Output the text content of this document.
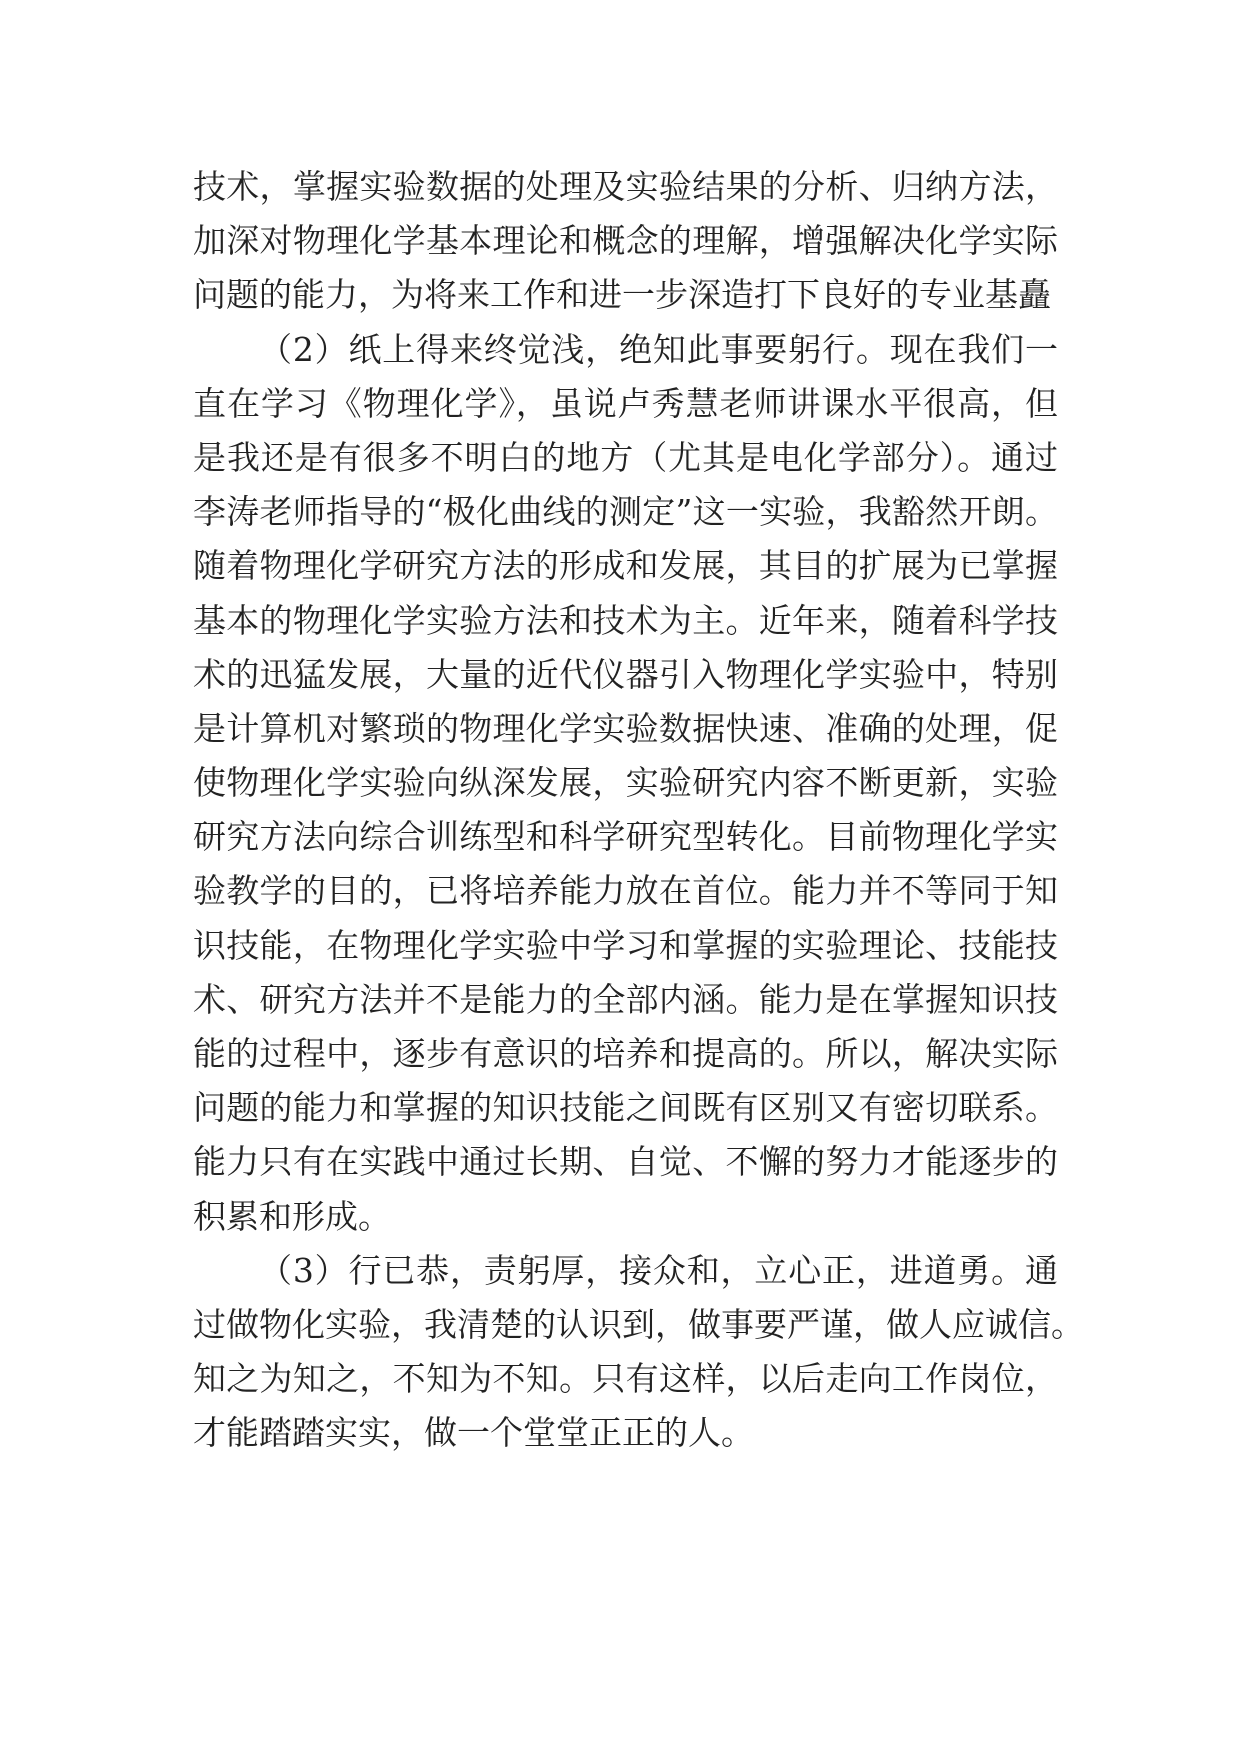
技术，掌握实验数据的处理及实验结果的分析、归纳方法，
加深对物理化学基本理论和概念的理解，增强解决化学实际
问题的能力，为将来工作和进一步深造打下良好的专业基矗
（2）纸上得来终觉浅，绝知此事要躬行。现在我们一
直在学习《物理化学》，虽说卢秀慧老师讲课水平很高，但
是我还是有很多不明白的地方（尤其是电化学部分）。通过
李涛老师指导的“极化曲线的测定”这一实验，我豁然开朗。
随着物理化学研究方法的形成和发展，其目的扩展为已掌握
基本的物理化学实验方法和技术为主。近年来，随着科学技
术的迅猛发展，大量的近代仪器引入物理化学实验中，特别
是计算机对繁琐的物理化学实验数据快速、准确的处理，促
使物理化学实验向纵深发展，实验研究内容不断更新，实验
研究方法向综合训练型和科学研究型转化。目前物理化学实
验教学的目的，已将培养能力放在首位。能力并不等同于知
识技能，在物理化学实验中学习和掌握的实验理论、技能技
术、研究方法并不是能力的全部内涵。能力是在掌握知识技
能的过程中，逐步有意识的培养和提高的。所以，解决实际
问题的能力和掌握的知识技能之间既有区别又有密切联系。
能力只有在实践中通过长期、自觉、不懈的努力才能逐步的
积累和形成。
（3）行已恭，责躬厚，接众和，立心正，进道勇。通
过做物化实验，我清楚的认识到，做事要严谨，做人应诚信。
知之为知之，不知为不知。只有这样，以后走向工作岗位，
才能踏踏实实，做一个堂堂正正的人。
